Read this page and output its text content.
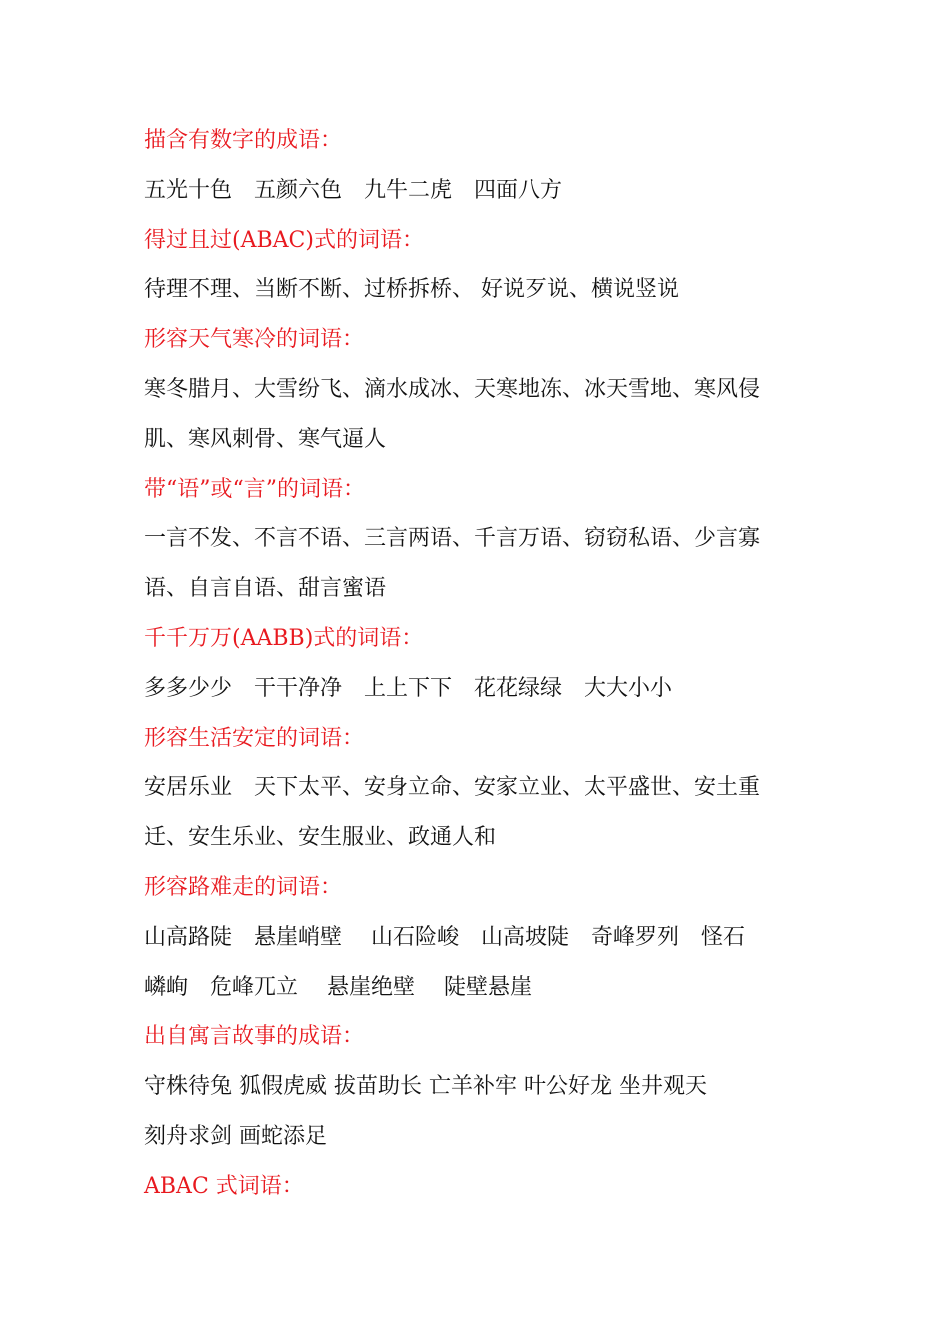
描含有数字的成语：

五光十色　五颜六色　九牛二虎　四面八方

得过且过(ABAC)式的词语：

待理不理、当断不断、过桥拆桥、 好说歹说、横说竖说

形容天气寒冷的词语：

寒冬腊月、大雪纷飞、滴水成冰、天寒地冻、冰天雪地、寒风侵

肌、寒风刺骨、寒气逼人

带“语”或“言”的词语：

一言不发、不言不语、三言两语、千言万语、窃窃私语、少言寡

语、自言自语、甜言蜜语

千千万万(AABB)式的词语：

多多少少　干干净净　上上下下　花花绿绿　大大小小

形容生活安定的词语：

安居乐业　天下太平、安身立命、安家立业、太平盛世、安土重

迁、安生乐业、安生服业、政通人和

形容路难走的词语：

山高路陡　悬崖峭壁　 山石险峻　山高坡陡　奇峰罗列　怪石

嶙峋　危峰兀立　 悬崖绝壁　 陡壁悬崖

出自寓言故事的成语：

守株待兔 狐假虎威 拔苗助长 亡羊补牢 叶公好龙 坐井观天

刻舟求剑 画蛇添足

ABAC 式词语：
